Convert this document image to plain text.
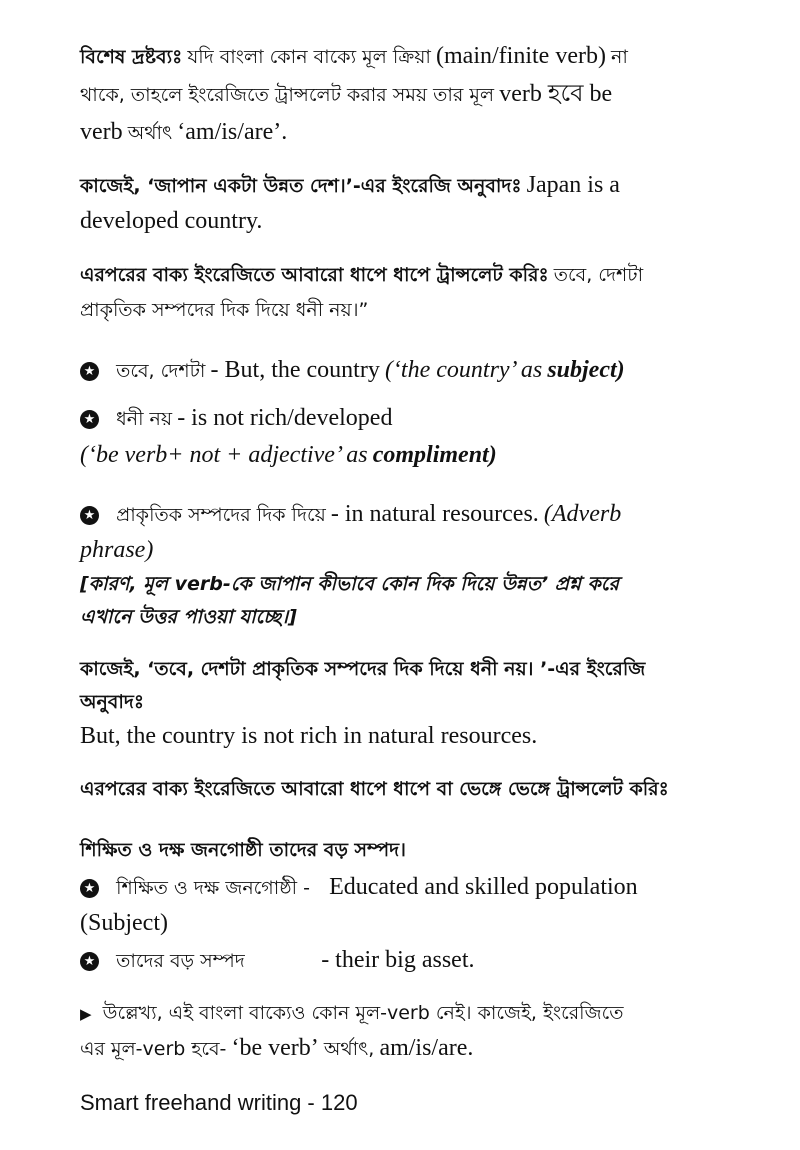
বিশেষ দ্রষ্টব্যঃ যদি বাংলা কোন বাক্যে মূল ক্রিয়া (main/finite verb) না
থাকে, তাহলে ইংরেজিতে ট্রান্সলেট করার সময় তার মূল verb হবে be
verb অর্থাৎ ‘am/is/are’.
কাজেই, ‘জাপান একটা উন্নত দেশ।’-এর ইংরেজি অনুবাদঃ Japan is a
developed country.
এরপরের বাক্য ইংরেজিতে আবারো ধাপে ধাপে ট্রান্সলেট করিঃ তবে, দেশটা
প্রাকৃতিক সম্পদের দিক দিয়ে ধনী নয়।”
★ তবে, দেশটা - But, the country (‘the country’ as subject)
★ ধনী নয় - is not rich/developed
(‘be verb+ not + adjective’ as compliment)
★ প্রাকৃতিক সম্পদের দিক দিয়ে - in natural resources. (Adverb
phrase)
[কারণ, মূল verb-কে জাপান কীভাবে কোন দিক দিয়ে উন্নত’ প্রশ্ন করে
এখানে উত্তর পাওয়া যাচ্ছে।]
কাজেই, ‘তবে, দেশটা প্রাকৃতিক সম্পদের দিক দিয়ে ধনী নয়। ’-এর ইংরেজি
অনুবাদঃ
But, the country is not rich in natural resources.
এরপরের বাক্য ইংরেজিতে আবারো ধাপে ধাপে বা ভেঙ্গে ভেঙ্গে ট্রান্সলেট করিঃ
শিক্ষিত ও দক্ষ জনগোষ্ঠী তাদের বড় সম্পদ।
★ শিক্ষিত ও দক্ষ জনগোষ্ঠী - Educated and skilled population
(Subject)
★ তাদের বড় সম্পদ	- their big asset.
▶ উল্লেখ্য, এই বাংলা বাক্যেও কোন মূল-verb নেই। কাজেই, ইংরেজিতে
এর মূল-verb হবে- ‘be verb’ অর্থাৎ, am/is/are.
Smart freehand writing - 120
